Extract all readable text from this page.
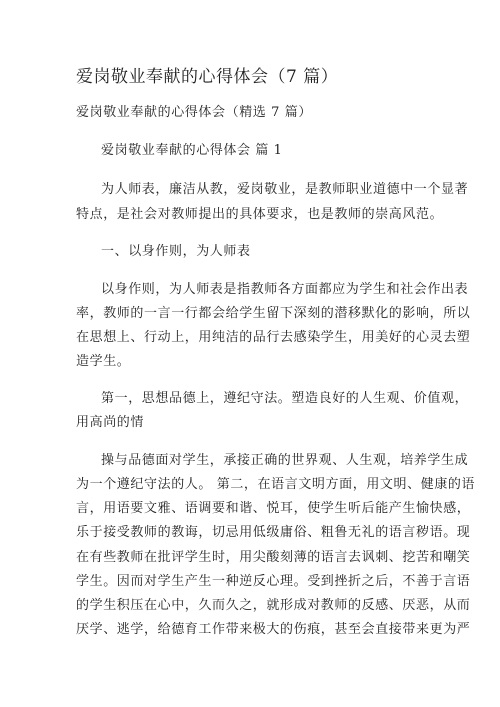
爱岗敬业奉献的心得体会（7 篇）
爱岗敬业奉献的心得体会（精选 7 篇）
爱岗敬业奉献的心得体会 篇 1
为人师表，廉洁从教，爱岗敬业，是教师职业道德中一个显著
特点，是社会对教师提出的具体要求，也是教师的崇高风范。
一、以身作则，为人师表
以身作则，为人师表是指教师各方面都应为学生和社会作出表
率，教师的一言一行都会给学生留下深刻的潜移默化的影响，所以
在思想上、行动上，用纯洁的品行去感染学生，用美好的心灵去塑
造学生。
第一，思想品德上，遵纪守法。塑造良好的人生观、价值观，
用高尚的情
操与品德面对学生，承接正确的世界观、人生观，培养学生成
为一个遵纪守法的人。 第二，在语言文明方面，用文明、健康的语
言，用语要文雅、语调要和谐、悦耳，使学生听后能产生愉快感，
乐于接受教师的教诲，切忌用低级庸俗、粗鲁无礼的语言秽语。现
在有些教师在批评学生时，用尖酸刻薄的语言去讽刺、挖苦和嘲笑
学生。因而对学生产生一种逆反心理。受到挫折之后，不善于言语
的学生积压在心中，久而久之，就形成对教师的反感、厌恶，从而
厌学、逃学，给德育工作带来极大的伤痕，甚至会直接带来更为严
